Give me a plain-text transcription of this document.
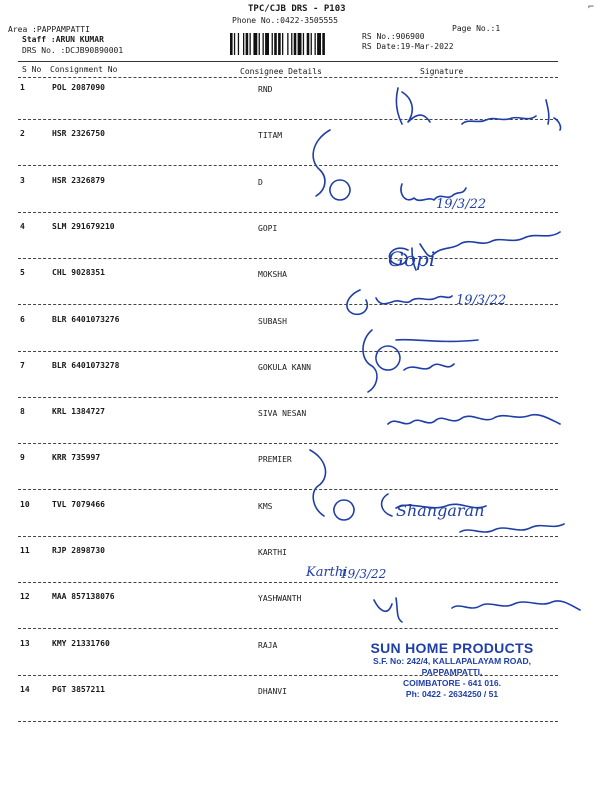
TPC/CJB DRS - P103
Phone No.:0422-3505555
Area :PAPPAMPATTI
Staff :ARUN KUMAR
DRS No. :DCJB90890001
RS No.:906900
RS Date:19-Mar-2022
Page No.:1
⌐
S No Consignment No	Consignee Details	Signature
1	POL 2087090	RND
2	HSR 2326750	TITAM
3	HSR 2326879	D
4	SLM 291679210	GOPI
5	CHL 9028351	MOKSHA
6	BLR 6401073276	SUBASH
7	BLR 6401073278	GOKULA KANN
8	KRL 1384727	SIVA NESAN
9	KRR 735997	PREMIER
10	TVL 7079466	KMS
11	RJP 2898730	KARTHI
12	MAA 857138076	YASHWANTH
13	KMY 21331760	RAJA
14	PGT 3857211	DHANVI
19/3/22
Gopi
19/3/22
Shangaran
Karthi
19/3/22
SUN HOME PRODUCTS
S.F. No: 242/4, KALLAPALAYAM ROAD,
PAPPAMPATTI,
COIMBATORE - 641 016.
Ph: 0422 - 2634250 / 51
